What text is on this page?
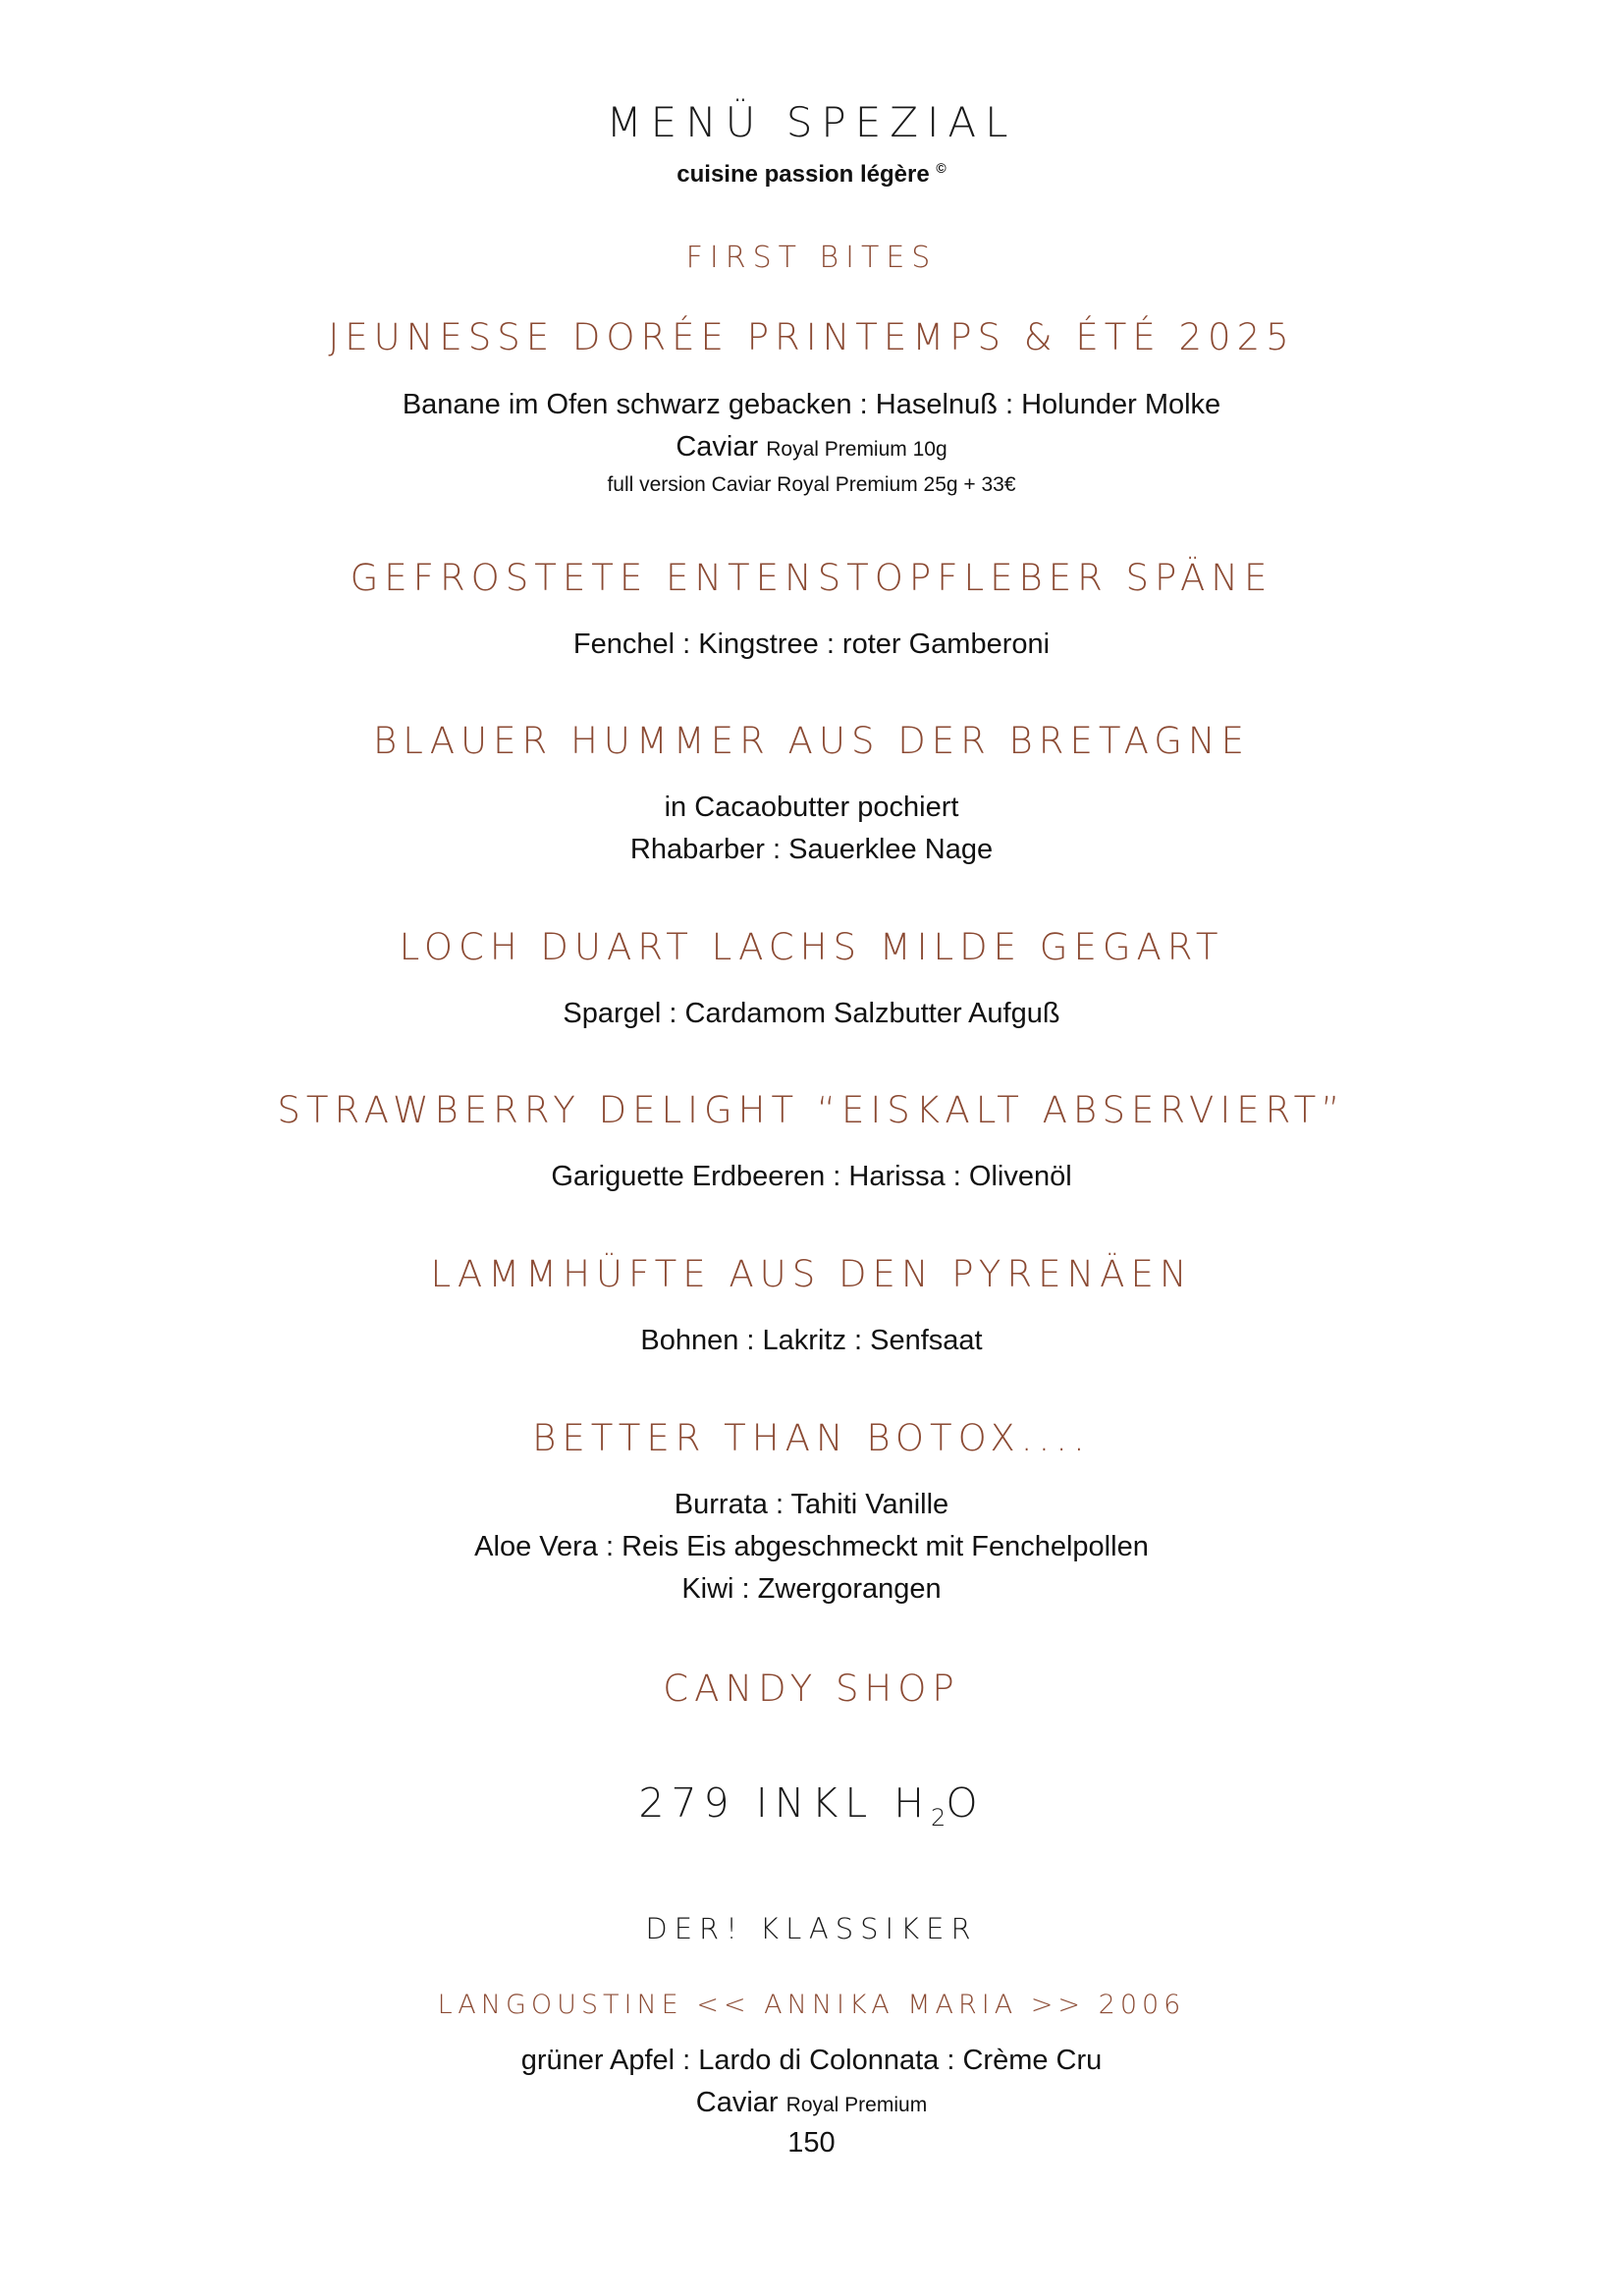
MENÜ SPEZIAL
cuisine passion légère ©
FIRST BITES
JEUNESSE DORÉE PRINTEMPS & ÉTÉ 2025
Banane im Ofen schwarz gebacken : Haselnuß : Holunder Molke
Caviar Royal Premium 10g
full version Caviar Royal Premium 25g + 33€
GEFROSTETE ENTENSTOPFLEBER SPÄNE
Fenchel : Kingstree : roter Gamberoni
BLAUER HUMMER AUS DER BRETAGNE
in Cacaobutter pochiert
Rhabarber : Sauerklee Nage
LOCH DUART LACHS MILDE GEGART
Spargel : Cardamom Salzbutter Aufguß
STRAWBERRY DELIGHT “EISKALT ABSERVIERT”
Gariguette Erdbeeren : Harissa : Olivenöl
LAMMHÜFTE AUS DEN PYRENÄEN
Bohnen : Lakritz : Senfsaat
BETTER THAN BOTOX....
Burrata : Tahiti Vanille
Aloe Vera : Reis Eis abgeschmeckt mit Fenchelpollen
Kiwi : Zwergorangen
CANDY SHOP
279 INKL $H_2O$
DER! KLASSIKER
LANGOUSTINE << ANNIKA MARIA >> 2006
grüner Apfel : Lardo di Colonnata : Crème Cru
Caviar Royal Premium
150
